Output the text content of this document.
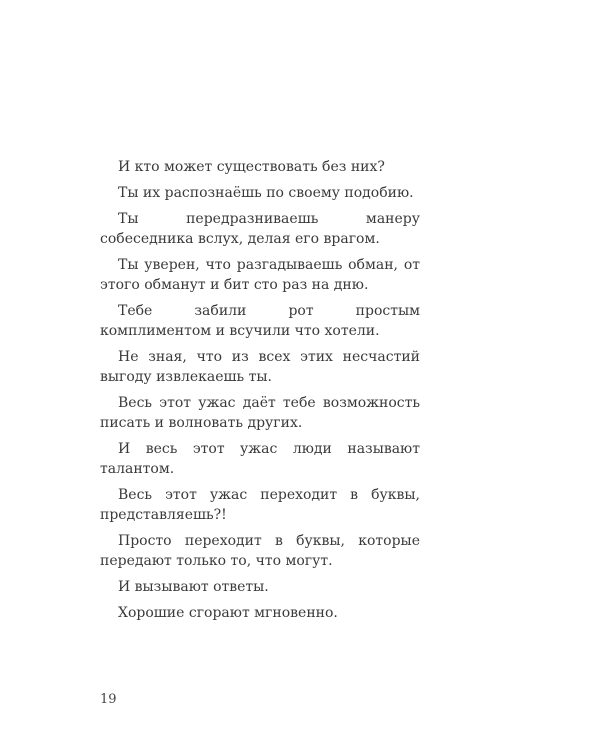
И кто может существовать без них?

Ты их распознаёшь по своему подобию.

Ты передразниваешь манеру собеседника вслух, делая его врагом.

Ты уверен, что разгадываешь обман, от этого обманут и бит сто раз на дню.

Тебе забили рот простым комплиментом и всучили что хотели.

Не зная, что из всех этих несчастий выгоду извлекаешь ты.

Весь этот ужас даёт тебе возможность писать и волновать других.

И весь этот ужас люди называют талантом.

Весь этот ужас переходит в буквы, представляешь?!

Просто переходит в буквы, которые передают только то, что могут.

И вызывают ответы.

Хорошие сгорают мгновенно.

19
